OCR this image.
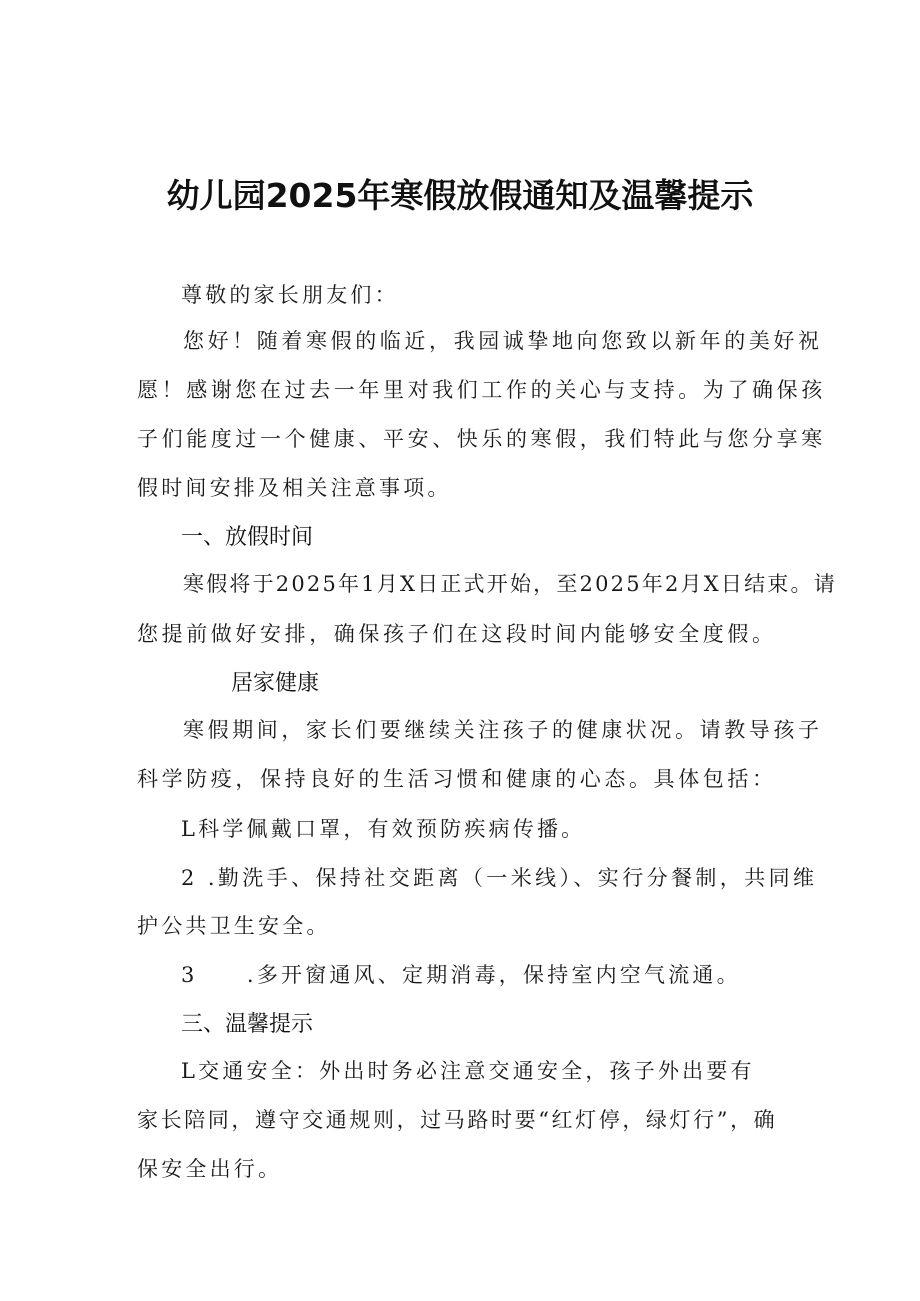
幼儿园2025年寒假放假通知及温馨提示
尊敬的家长朋友们：
您好！随着寒假的临近，我园诚挚地向您致以新年的美好祝
愿！感谢您在过去一年里对我们工作的关心与支持。为了确保孩
子们能度过一个健康、平安、快乐的寒假，我们特此与您分享寒
假时间安排及相关注意事项。
一、放假时间
寒假将于2025年1月X日正式开始，至2025年2月X日结束。请
您提前做好安排，确保孩子们在这段时间内能够安全度假。
居家健康
寒假期间，家长们要继续关注孩子的健康状况。请教导孩子
科学防疫，保持良好的生活习惯和健康的心态。具体包括：
L科学佩戴口罩，有效预防疾病传播。
2 .勤洗手、保持社交距离（一米线）、实行分餐制，共同维
护公共卫生安全。
3     .多开窗通风、定期消毒，保持室内空气流通。
三、温馨提示
L交通安全：外出时务必注意交通安全，孩子外出要有
家长陪同，遵守交通规则，过马路时要“红灯停，绿灯行”，确
保安全出行。
